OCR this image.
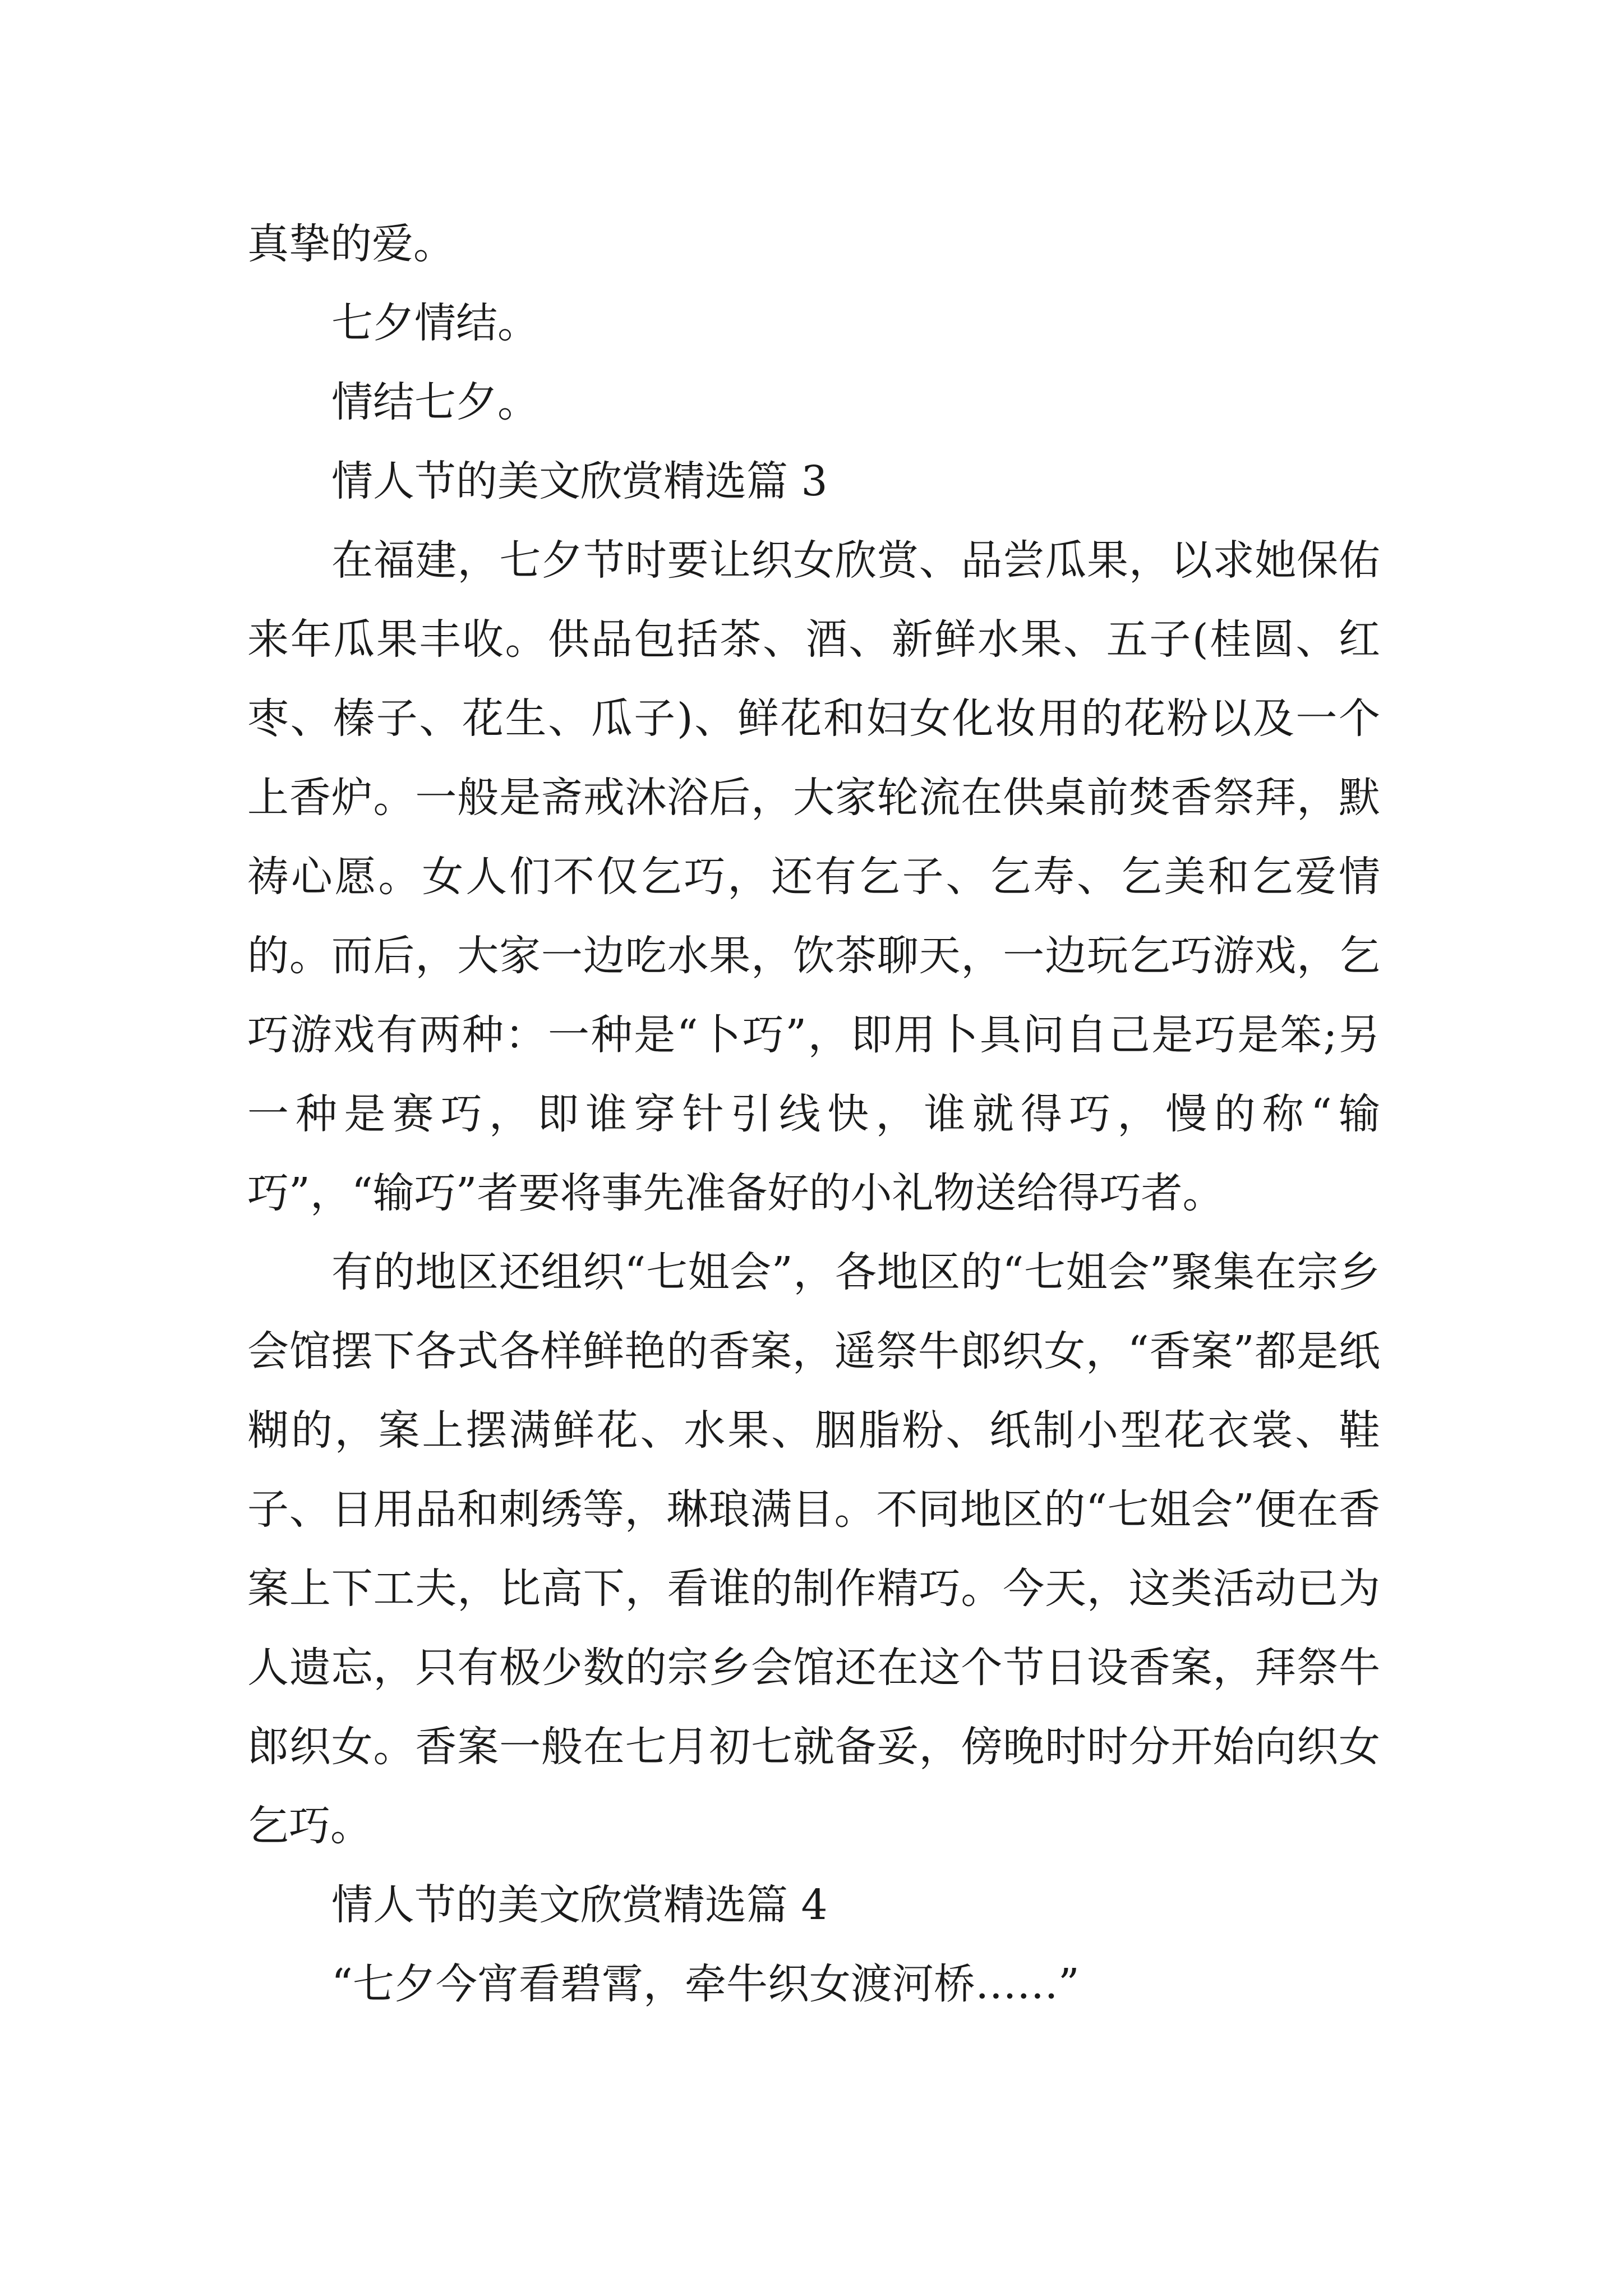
真挚的爱。

七夕情结。

情结七夕。

情人节的美文欣赏精选篇 3

在福建，七夕节时要让织女欣赏、品尝瓜果，以求她保佑来年瓜果丰收。供品包括茶、酒、新鲜水果、五子(桂圆、红枣、榛子、花生、瓜子)、鲜花和妇女化妆用的花粉以及一个上香炉。一般是斋戒沐浴后，大家轮流在供桌前焚香祭拜，默祷心愿。女人们不仅乞巧，还有乞子、乞寿、乞美和乞爱情的。而后，大家一边吃水果，饮茶聊天，一边玩乞巧游戏，乞巧游戏有两种：一种是“卜巧”，即用卜具问自己是巧是笨;另一种是赛巧，即谁穿针引线快，谁就得巧，慢的称“输巧”，“输巧”者要将事先准备好的小礼物送给得巧者。

有的地区还组织“七姐会”，各地区的“七姐会”聚集在宗乡会馆摆下各式各样鲜艳的香案，遥祭牛郎织女，“香案”都是纸糊的，案上摆满鲜花、水果、胭脂粉、纸制小型花衣裳、鞋子、日用品和刺绣等，琳琅满目。不同地区的“七姐会”便在香案上下工夫，比高下，看谁的制作精巧。今天，这类活动已为人遗忘，只有极少数的宗乡会馆还在这个节日设香案，拜祭牛郎织女。香案一般在七月初七就备妥，傍晚时时分开始向织女乞巧。

情人节的美文欣赏精选篇 4

“七夕今宵看碧霄，牵牛织女渡河桥……”
